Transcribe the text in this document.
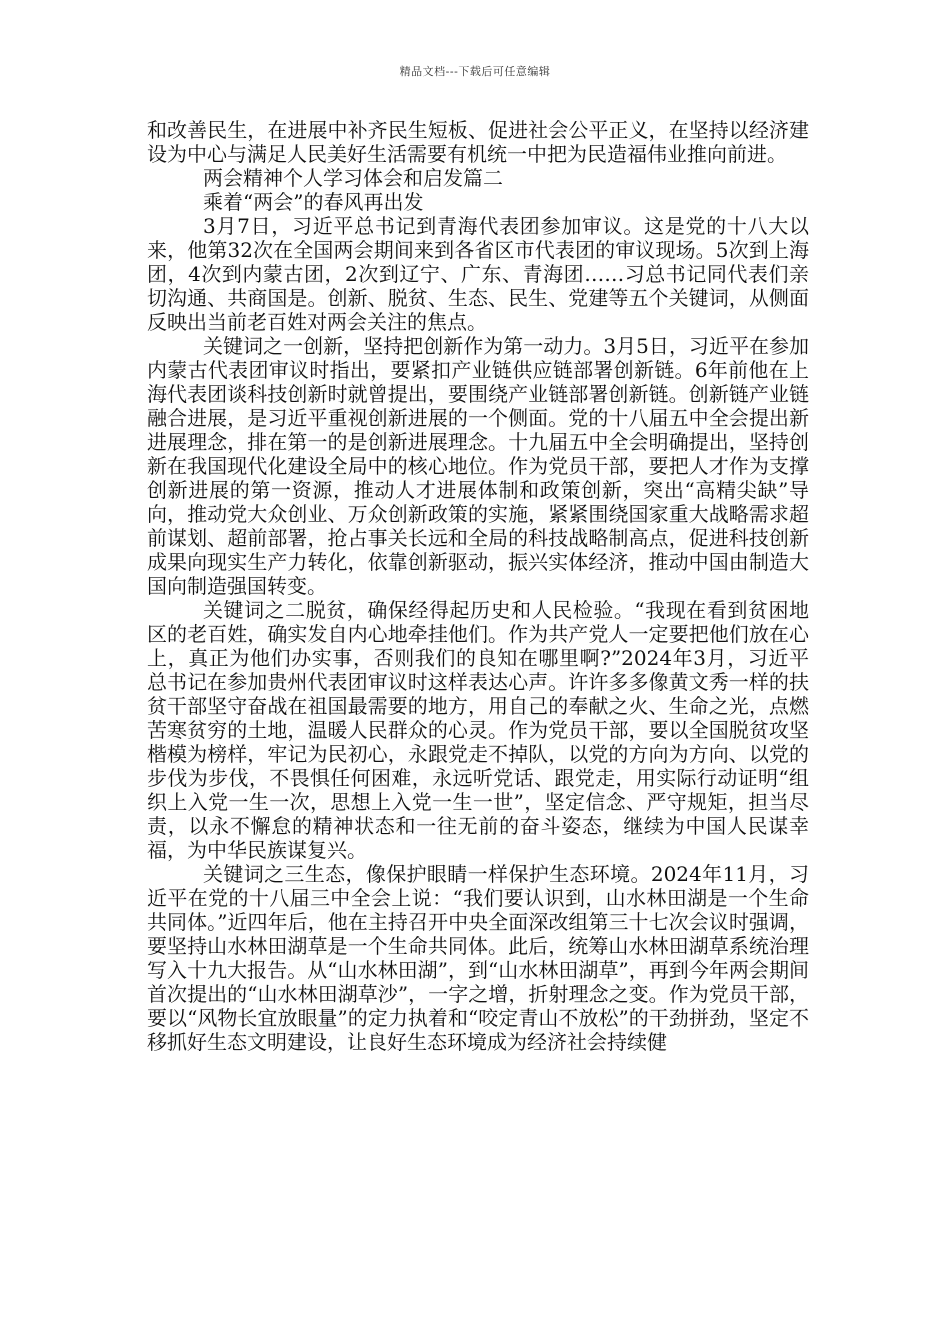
精品文档---下载后可任意编辑

和改善民生，在进展中补齐民生短板、促进社会公平正义，在坚持以经济建设为中心与满足人民美好生活需要有机统一中把为民造福伟业推向前进。

两会精神个人学习体会和启发篇二

乘着“两会”的春风再出发

3月7日，习近平总书记到青海代表团参加审议。这是党的十八大以来，他第32次在全国两会期间来到各省区市代表团的审议现场。5次到上海团，4次到内蒙古团，2次到辽宁、广东、青海团……习总书记同代表们亲切沟通、共商国是。创新、脱贫、生态、民生、党建等五个关键词，从侧面反映出当前老百姓对两会关注的焦点。

关键词之一创新，坚持把创新作为第一动力。3月5日，习近平在参加内蒙古代表团审议时指出，要紧扣产业链供应链部署创新链。6年前他在上海代表团谈科技创新时就曾提出，要围绕产业链部署创新链。创新链产业链融合进展，是习近平重视创新进展的一个侧面。党的十八届五中全会提出新进展理念，排在第一的是创新进展理念。十九届五中全会明确提出，坚持创新在我国现代化建设全局中的核心地位。作为党员干部，要把人才作为支撑创新进展的第一资源，推动人才进展体制和政策创新，突出“高精尖缺”导向，推动党大众创业、万众创新政策的实施，紧紧围绕国家重大战略需求超前谋划、超前部署，抢占事关长远和全局的科技战略制高点，促进科技创新成果向现实生产力转化，依靠创新驱动，振兴实体经济，推动中国由制造大国向制造强国转变。

关键词之二脱贫，确保经得起历史和人民检验。“我现在看到贫困地区的老百姓，确实发自内心地牵挂他们。作为共产党人一定要把他们放在心上，真正为他们办实事，否则我们的良知在哪里啊?”2024年3月，习近平总书记在参加贵州代表团审议时这样表达心声。许许多多像黄文秀一样的扶贫干部坚守奋战在祖国最需要的地方，用自己的奉献之火、生命之光，点燃苦寒贫穷的土地，温暖人民群众的心灵。作为党员干部，要以全国脱贫攻坚楷模为榜样，牢记为民初心，永跟党走不掉队，以党的方向为方向、以党的步伐为步伐，不畏惧任何困难，永远听党话、跟党走，用实际行动证明“组织上入党一生一次，思想上入党一生一世”，坚定信念、严守规矩，担当尽责，以永不懈怠的精神状态和一往无前的奋斗姿态，继续为中国人民谋幸福，为中华民族谋复兴。

关键词之三生态，像保护眼睛一样保护生态环境。2024年11月，习近平在党的十八届三中全会上说：“我们要认识到，山水林田湖是一个生命共同体。”近四年后，他在主持召开中央全面深改组第三十七次会议时强调，要坚持山水林田湖草是一个生命共同体。此后，统筹山水林田湖草系统治理写入十九大报告。从“山水林田湖”，到“山水林田湖草”，再到今年两会期间首次提出的“山水林田湖草沙”，一字之增，折射理念之变。作为党员干部，要以“风物长宜放眼量”的定力执着和“咬定青山不放松”的干劲拼劲，坚定不移抓好生态文明建设，让良好生态环境成为经济社会持续健
